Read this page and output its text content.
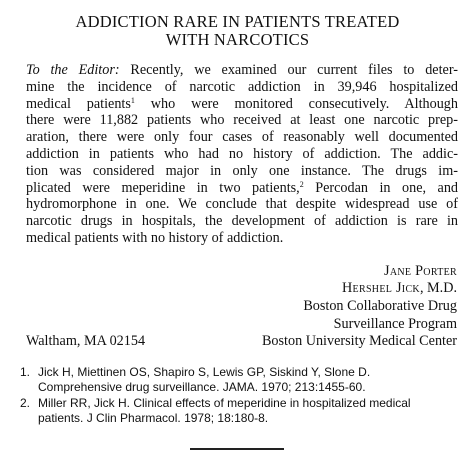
ADDICTION RARE IN PATIENTS TREATED
WITH NARCOTICS
To the Editor: Recently, we examined our current files to deter-
mine the incidence of narcotic addiction in 39,946 hospitalized
medical patients$^1$ who were monitored consecutively. Although
there were 11,882 patients who received at least one narcotic prep-
aration, there were only four cases of reasonably well documented
addiction in patients who had no history of addiction. The addic-
tion was considered major in only one instance. The drugs im-
plicated were meperidine in two patients,$^2$ Percodan in one, and
hydromorphone in one. We conclude that despite widespread use of
narcotic drugs in hospitals, the development of addiction is rare in
medical patients with no history of addiction.
Jane Porter
Hershel Jick, M.D.
Boston Collaborative Drug
Surveillance Program
Boston University Medical Center
Waltham, MA 02154
1. Jick H, Miettinen OS, Shapiro S, Lewis GP, Siskind Y, Slone D.
Comprehensive drug surveillance. JAMA. 1970; 213:1455-60.
2. Miller RR, Jick H. Clinical effects of meperidine in hospitalized medical
patients. J Clin Pharmacol. 1978; 18:180-8.
